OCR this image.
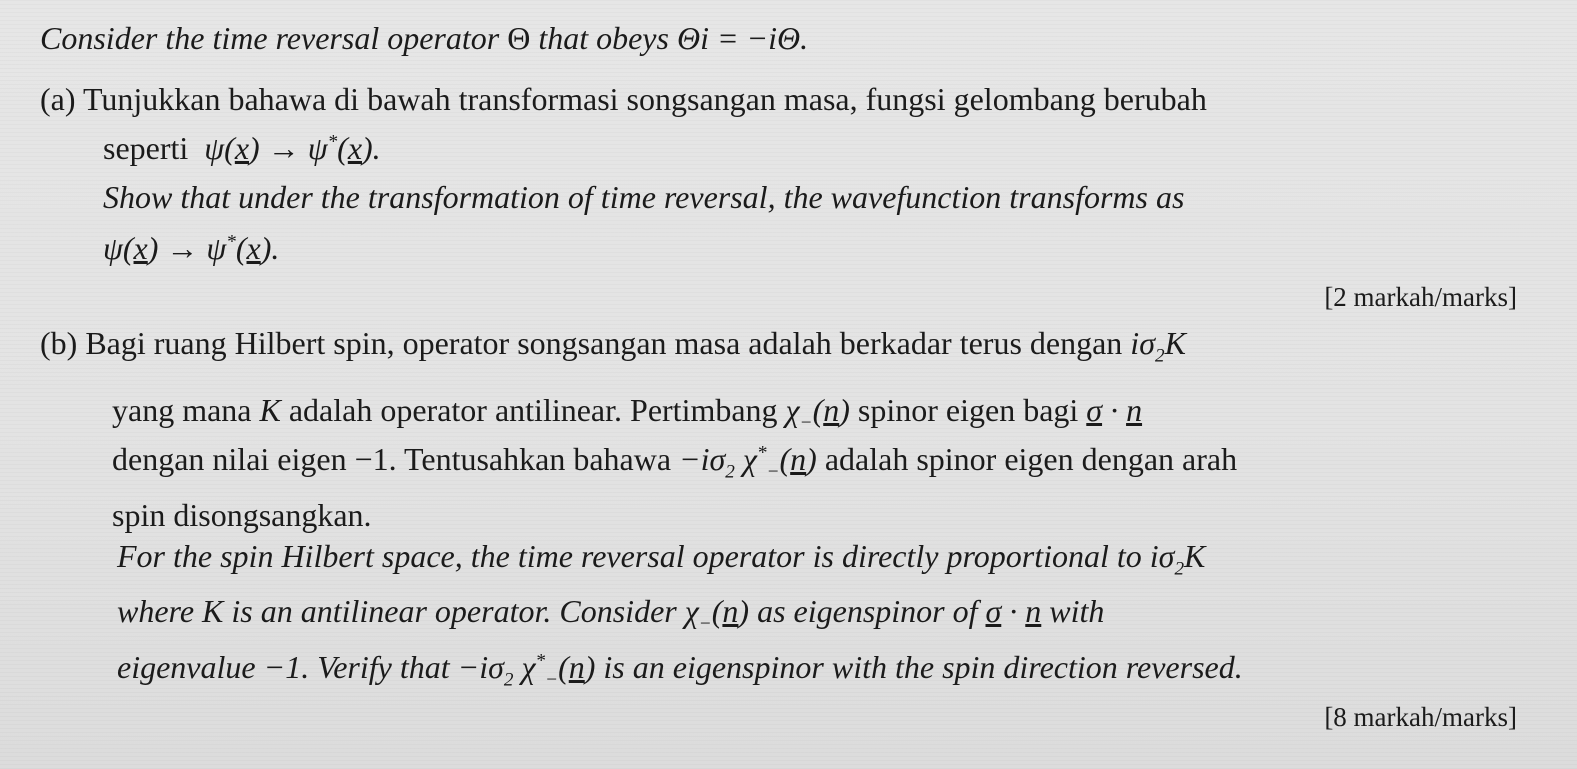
Consider the time reversal operator Θ that obeys Θi = −iΘ.
(a) Tunjukkan bahawa di bawah transformasi songsangan masa, fungsi gelombang berubah
seperti ψ(x) → ψ*(x).
Show that under the transformation of time reversal, the wavefunction transforms as
ψ(x) → ψ*(x).
[2 markah/marks]
(b) Bagi ruang Hilbert spin, operator songsangan masa adalah berkadar terus dengan $i\sigma_2K$
yang mana K adalah operator antilinear. Pertimbang $\chi_-(n)$ spinor eigen bagi σ · n
dengan nilai eigen −1. Tentusahkan bahawa $-i\sigma_2$ $\chi^*_-(n)$ adalah spinor eigen dengan arah
spin disongsangkan.
For the spin Hilbert space, the time reversal operator is directly proportional to $i\sigma_2K$
where K is an antilinear operator. Consider $\chi_-(n)$ as eigenspinor of σ · n with
eigenvalue −1. Verify that $-i\sigma_2$ $\chi^*_-(n)$ is an eigenspinor with the spin direction reversed.
[8 markah/marks]
